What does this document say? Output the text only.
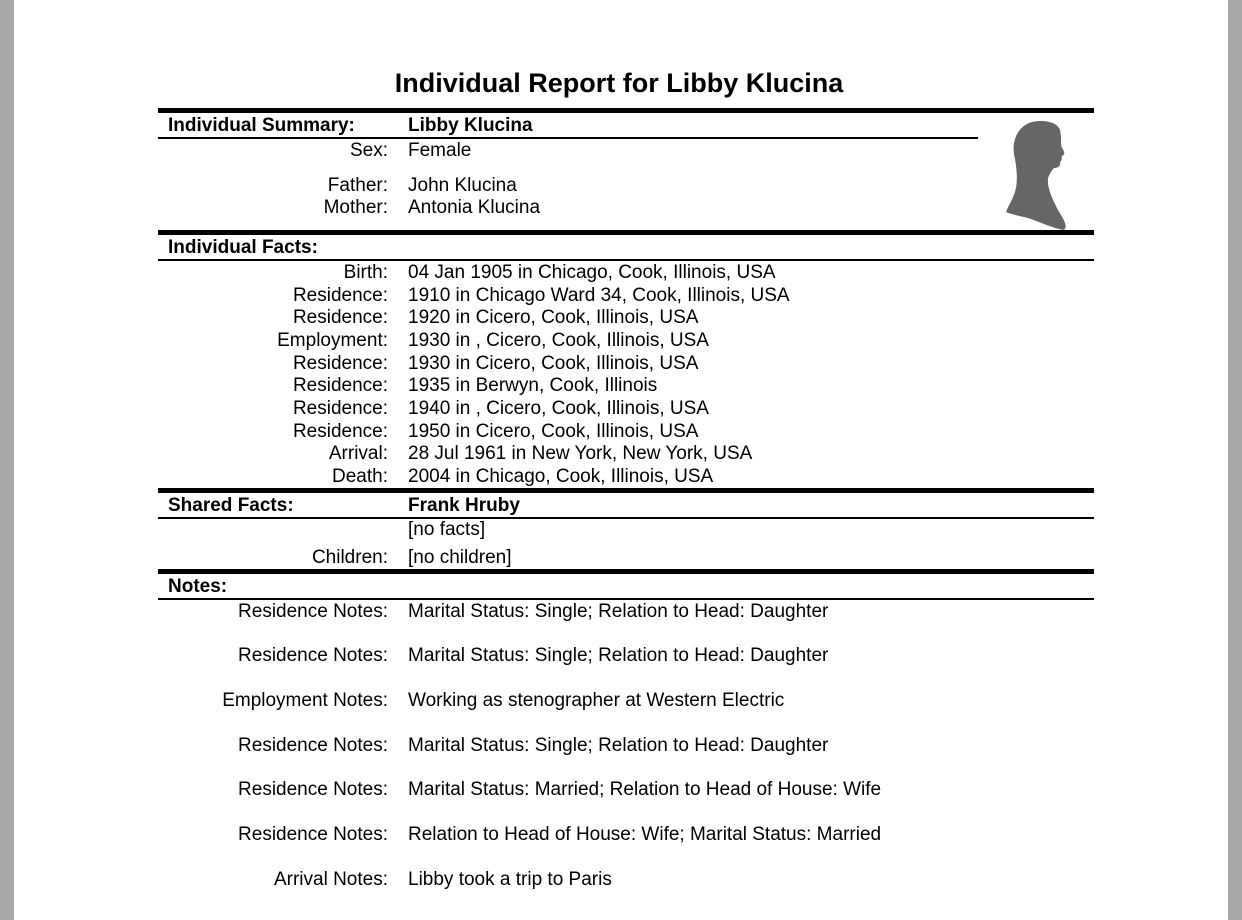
Individual Report for Libby Klucina
Individual Summary:	Libby Klucina
Sex: Female
Father: John Klucina
Mother: Antonia Klucina
Individual Facts:
Birth: 04 Jan 1905 in Chicago, Cook, Illinois, USA
Residence: 1910 in Chicago Ward 34, Cook, Illinois, USA
Residence: 1920 in Cicero, Cook, Illinois, USA
Employment: 1930 in , Cicero, Cook, Illinois, USA
Residence: 1930 in Cicero, Cook, Illinois, USA
Residence: 1935 in Berwyn, Cook, Illinois
Residence: 1940 in , Cicero, Cook, Illinois, USA
Residence: 1950 in Cicero, Cook, Illinois, USA
Arrival: 28 Jul 1961 in New York, New York, USA
Death: 2004 in Chicago, Cook, Illinois, USA
Shared Facts:	Frank Hruby
[no facts]
Children: [no children]
Notes:
Residence Notes: Marital Status: Single; Relation to Head: Daughter
Residence Notes: Marital Status: Single; Relation to Head: Daughter
Employment Notes: Working as stenographer at Western Electric
Residence Notes: Marital Status: Single; Relation to Head: Daughter
Residence Notes: Marital Status: Married; Relation to Head of House: Wife
Residence Notes: Relation to Head of House: Wife; Marital Status: Married
Arrival Notes: Libby took a trip to Paris
